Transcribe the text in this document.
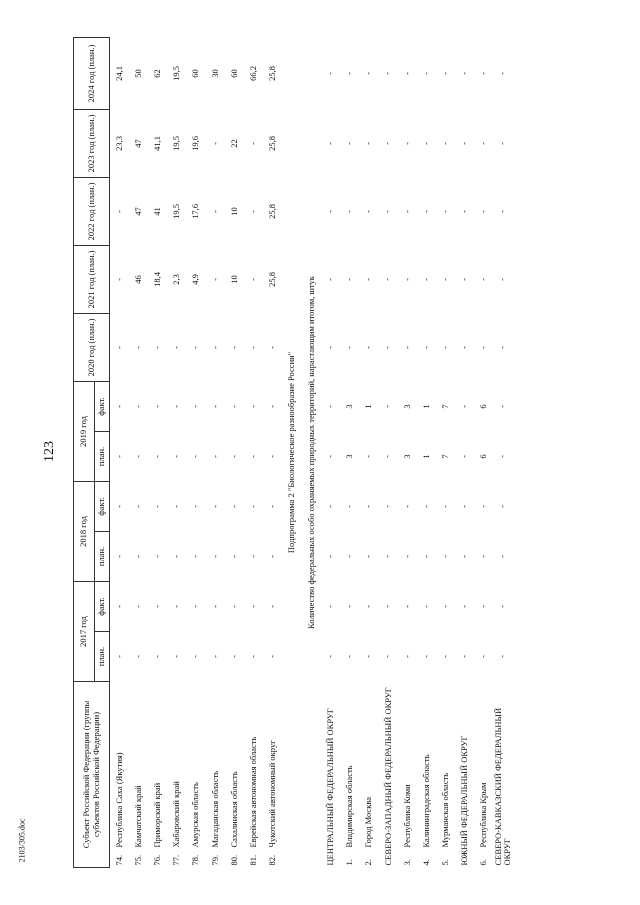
123
Субъект Российской Федерации (группы субъектов Российской Федерации)		2017 год		2018 год		2019 год		2020 год (план.)	2021 год (план.)	2022 год (план.)	2023 год (план.)	2024 год (план.)
		план.	факт.	план.	факт.	план.	факт.					
74.	Республика Саха (Якутия)	-	-	-	-	-	-	-	-	-	23,3	24,1
75.	Камчатский край	-	-	-	-	-	-	-	46	47	47	50
76.	Приморский край	-	-	-	-	-	-	-	18,4	41	41,1	62
77.	Хабаровский край	-	-	-	-	-	-	-	2,3	19,5	19,5	19,5
78.	Амурская область	-	-	-	-	-	-	-	4,9	17,6	19,6	60
79.	Магаданская область	-	-	-	-	-	-	-	-	-	-	30
80.	Сахалинская область	-	-	-	-	-	-	-	10	10	22	60
81.	Еврейская автономная область	-	-	-	-	-	-	-	-	-	-	66,2
82.	Чукотский автономный округ	-	-	-	-	-	-	-	25,8	25,8	25,8	25,8
Подпрограмма 2 "Биологическое разнообразие России"												
Количество федеральных особо охраняемых природных территорий, нарастающим итогом, штук												
ЦЕНТРАЛЬНЫЙ ФЕДЕРАЛЬНЫЙ ОКРУГ		-	-	-	-	-	-	-	-	-	-	-
1.	Владимирская область	-	-	-	-	3	3	-	-	-	-	-
2.	Город Москва	-	-	-	-	-	1	-	-	-	-	-
СЕВЕРО-ЗАПАДНЫЙ ФЕДЕРАЛЬНЫЙ ОКРУГ		-	-	-	-	-	-	-	-	-	-	-
3.	Республика Коми	-	-	-	-	3	3	-	-	-	-	-
4.	Калининградская область	-	-	-	-	1	1	-	-	-	-	-
5.	Мурманская область	-	-	-	-	7	7	-	-	-	-	-
ЮЖНЫЙ ФЕДЕРАЛЬНЫЙ ОКРУГ		-	-	-	-	-	-	-	-	-	-	-
6.	Республика Крым	-	-	-	-	6	6	-	-	-	-	-
СЕВЕРО-КАВКАЗСКИЙ ФЕДЕРАЛЬНЫЙ ОКРУГ		-	-	-	-	-	-	-	-	-	-	-
2103/305.doc
